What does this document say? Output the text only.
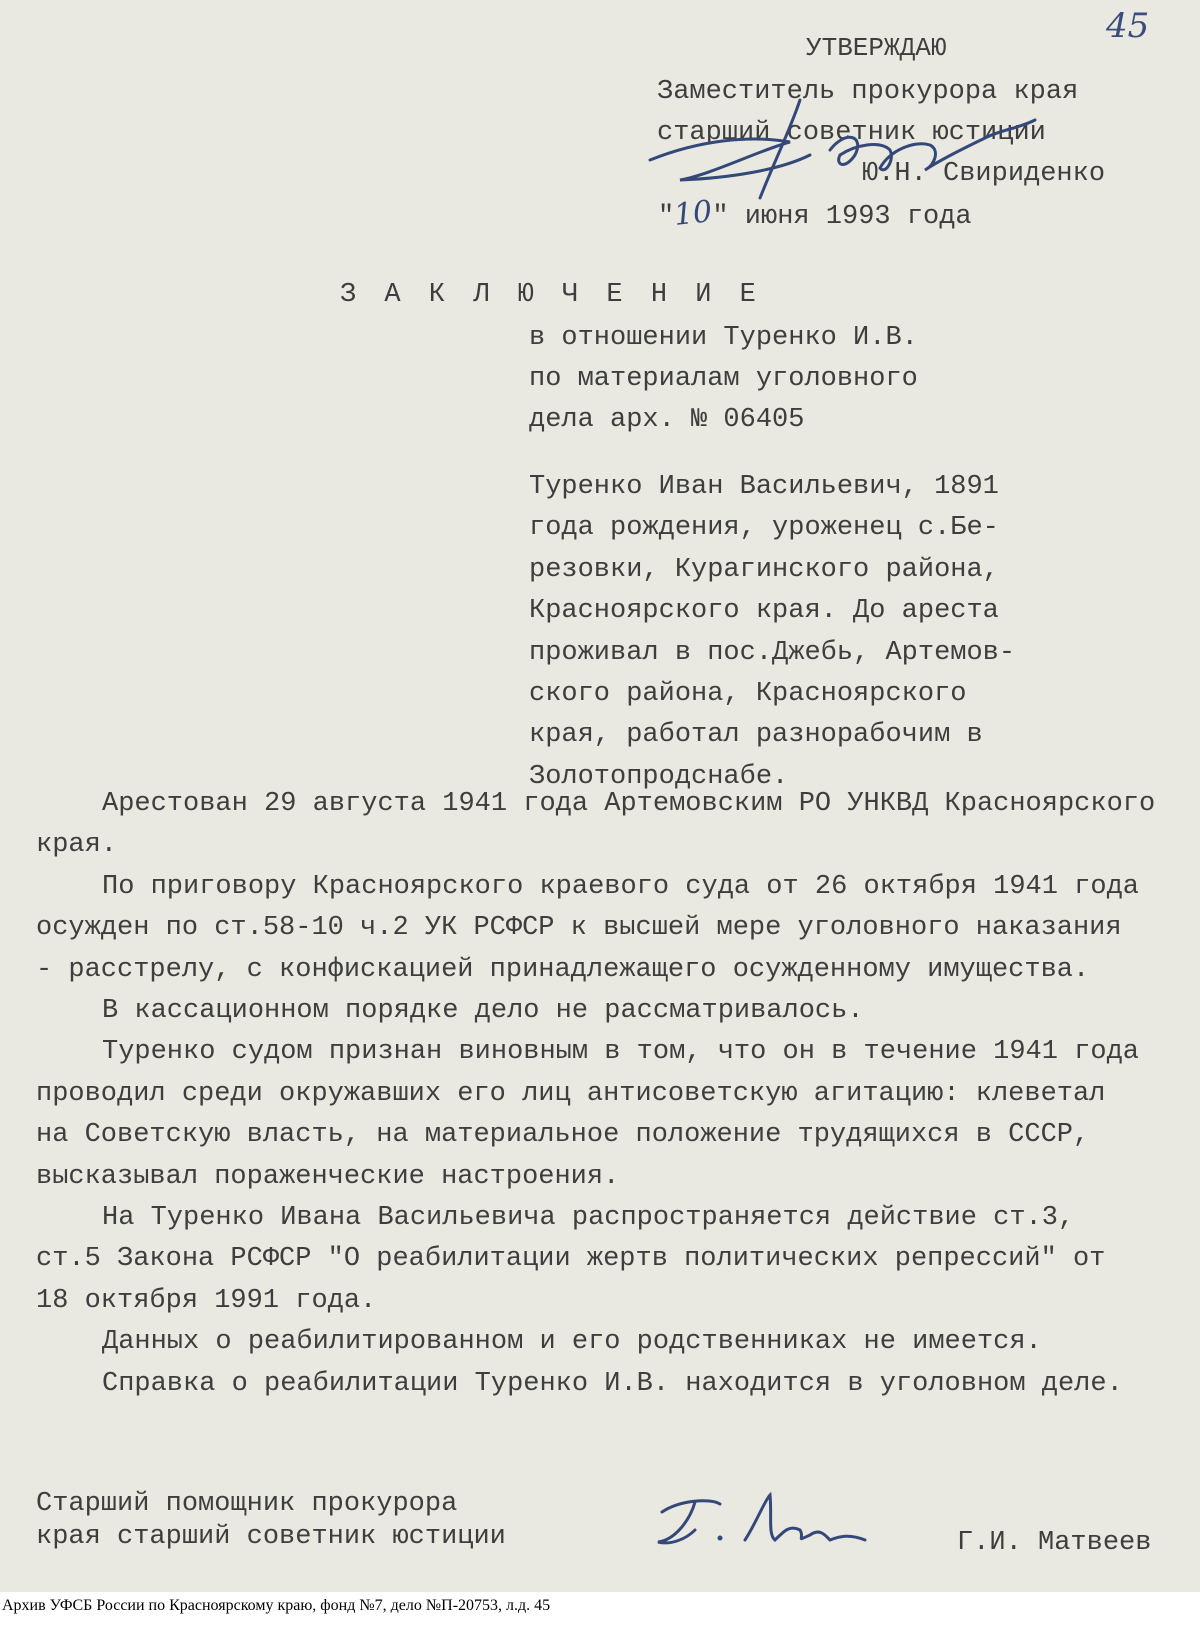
45
УТВЕРЖДАЮ
Заместитель прокурора края
старший советник юстиции
Ю.Н. Свириденко
"10" июня 1993 года
З А К Л Ю Ч Е Н И Е
в отношении Туренко И.В.
по материалам уголовного
дела арх. № 06405
Туренко Иван Васильевич, 1891
года рождения, уроженец с.Бе-
резовки, Курагинского района,
Красноярского края. До ареста
проживал в пос.Джебь, Артемов-
ского района, Красноярского
края, работал разнорабочим в
Золотопродснабе.
Арестован 29 августа 1941 года Артемовским РО УНКВД Красноярского
края.
По приговору Красноярского краевого суда от 26 октября 1941 года
осужден по ст.58-10 ч.2 УК РСФСР к высшей мере уголовного наказания
- расстрелу, с конфискацией принадлежащего осужденному имущества.
В кассационном порядке дело не рассматривалось.
Туренко судом признан виновным в том, что он в течение 1941 года
проводил среди окружавших его лиц антисоветскую агитацию: клеветал
на Советскую власть, на материальное положение трудящихся в СССР,
высказывал пораженческие настроения.
На Туренко Ивана Васильевича распространяется действие ст.3,
ст.5 Закона РСФСР "О реабилитации жертв политических репрессий" от
18 октября 1991 года.
Данных о реабилитированном и его родственниках не имеется.
Справка о реабилитации Туренко И.В. находится в уголовном деле.
Старший помощник прокурора
края старший советник юстиции	Г.И. Матвеев
Архив УФСБ России по Красноярскому краю, фонд №7, дело №П-20753, л.д. 45
